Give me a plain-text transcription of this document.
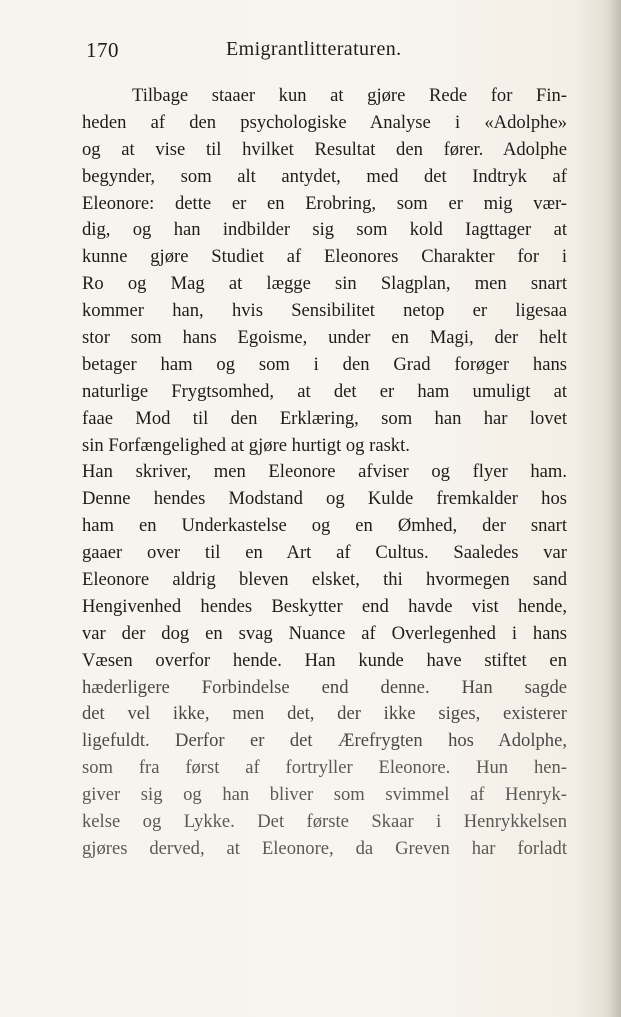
170	Emigrantlitteraturen.
Tilbage staaer kun at gjøre Rede for Fin-
heden af den psychologiske Analyse i «Adolphe»
og at vise til hvilket Resultat den fører. Adolphe
begynder, som alt antydet, med det Indtryk af
Eleonore: dette er en Erobring, som er mig vær-
dig, og han indbilder sig som kold Iagttager at
kunne gjøre Studiet af Eleonores Charakter for i
Ro og Mag at lægge sin Slagplan, men snart
kommer han, hvis Sensibilitet netop er ligesaa
stor som hans Egoisme, under en Magi, der helt
betager ham og som i den Grad forøger hans
naturlige Frygtsomhed, at det er ham umuligt at
faae Mod til den Erklæring, som han har lovet
sin Forfængelighed at gjøre hurtigt og raskt.
Han skriver, men Eleonore afviser og flyer ham.
Denne hendes Modstand og Kulde fremkalder hos
ham en Underkastelse og en Ømhed, der snart
gaaer over til en Art af Cultus. Saaledes var
Eleonore aldrig bleven elsket, thi hvormegen sand
Hengivenhed hendes Beskytter end havde vist hende,
var der dog en svag Nuance af Overlegenhed i hans
Væsen overfor hende. Han kunde have stiftet en
hæderligere Forbindelse end denne. Han sagde
det vel ikke, men det, der ikke siges, existerer
ligefuldt. Derfor er det Ærefrygten hos Adolphe,
som fra først af fortryller Eleonore. Hun hen-
giver sig og han bliver som svimmel af Henryk-
kelse og Lykke. Det første Skaar i Henrykkelsen
gjøres derved, at Eleonore, da Greven har forladt
